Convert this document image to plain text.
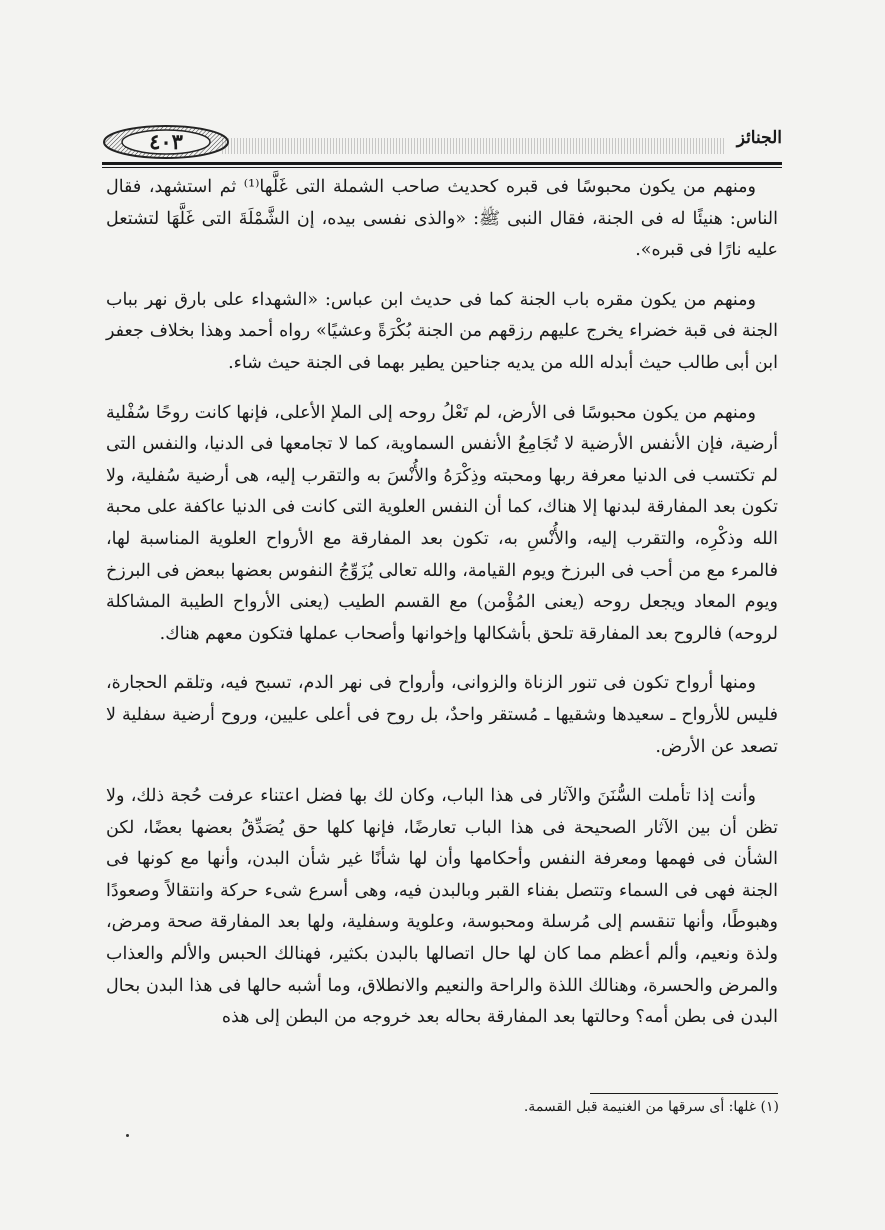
٤٠٣	الجنائز

ومنهم من يكون محبوسًا فى قبره كحديث صاحب الشملة التى غَلَّها⁽¹⁾ ثم استشهد، فقال الناس: هنيئًا له فى الجنة، فقال النبى ﷺ: «والذى نفسى بيده، إن الشَّمْلَةَ التى غَلَّهَا لتشتعل عليه نارًا فى قبره».

ومنهم من يكون مقره باب الجنة كما فى حديث ابن عباس: «الشهداء على بارق نهر بباب الجنة فى قبة خضراء يخرج عليهم رزقهم من الجنة بُكْرَةً وعشيًا» رواه أحمد وهذا بخلاف جعفر ابن أبى طالب حيث أبدله الله من يديه جناحين يطير بهما فى الجنة حيث شاء.

ومنهم من يكون محبوسًا فى الأرض، لم تَعْلُ روحه إلى الملإ الأعلى، فإنها كانت روحًا سُفْلية أرضية، فإن الأنفس الأرضية لا تُجَامِعُ الأنفس السماوية، كما لا تجامعها فى الدنيا، والنفس التى لم تكتسب فى الدنيا معرفة ربها ومحبته وذِكْرَهُ والأُنْسَ به والتقرب إليه، هى أرضية سُفلية، ولا تكون بعد المفارقة لبدنها إلا هناك، كما أن النفس العلوية التى كانت فى الدنيا عاكفة على محبة الله وذكْرِه، والتقرب إليه، والأُنْسِ به، تكون بعد المفارقة مع الأرواح العلوية المناسبة لها، فالمرء مع من أحب فى البرزخ ويوم القيامة، والله تعالى يُزَوِّجُ النفوس بعضها ببعض فى البرزخ ويوم المعاد ويجعل روحه (يعنى المُؤْمن) مع القسم الطيب (يعنى الأرواح الطيبة المشاكلة لروحه) فالروح بعد المفارقة تلحق بأشكالها وإخوانها وأصحاب عملها فتكون معهم هناك.

ومنها أرواح تكون فى تنور الزناة والزوانى، وأرواح فى نهر الدم، تسبح فيه، وتلقم الحجارة، فليس للأرواح ـ سعيدها وشقيها ـ مُستقر واحدٌ، بل روح فى أعلى عليين، وروح أرضية سفلية لا تصعد عن الأرض.

وأنت إذا تأملت السُّنَنَ والآثار فى هذا الباب، وكان لك بها فضل اعتناء عرفت حُجة ذلك، ولا تظن أن بين الآثار الصحيحة فى هذا الباب تعارضًا، فإنها كلها حق يُصَدِّقُ بعضها بعضًا، لكن الشأن فى فهمها ومعرفة النفس وأحكامها وأن لها شأنًا غير شأن البدن، وأنها مع كونها فى الجنة فهى فى السماء وتتصل بفناء القبر وبالبدن فيه، وهى أسرع شىء حركة وانتقالاً وصعودًا وهبوطًا، وأنها تنقسم إلى مُرسلة ومحبوسة، وعلوية وسفلية، ولها بعد المفارقة صحة ومرض، ولذة ونعيم، وألم أعظم مما كان لها حال اتصالها بالبدن بكثير، فهنالك الحبس والألم والعذاب والمرض والحسرة، وهنالك اللذة والراحة والنعيم والانطلاق، وما أشبه حالها فى هذا البدن بحال البدن فى بطن أمه؟ وحالتها بعد المفارقة بحاله بعد خروجه من البطن إلى هذه

(١) غلها: أى سرقها من الغنيمة قبل القسمة.
